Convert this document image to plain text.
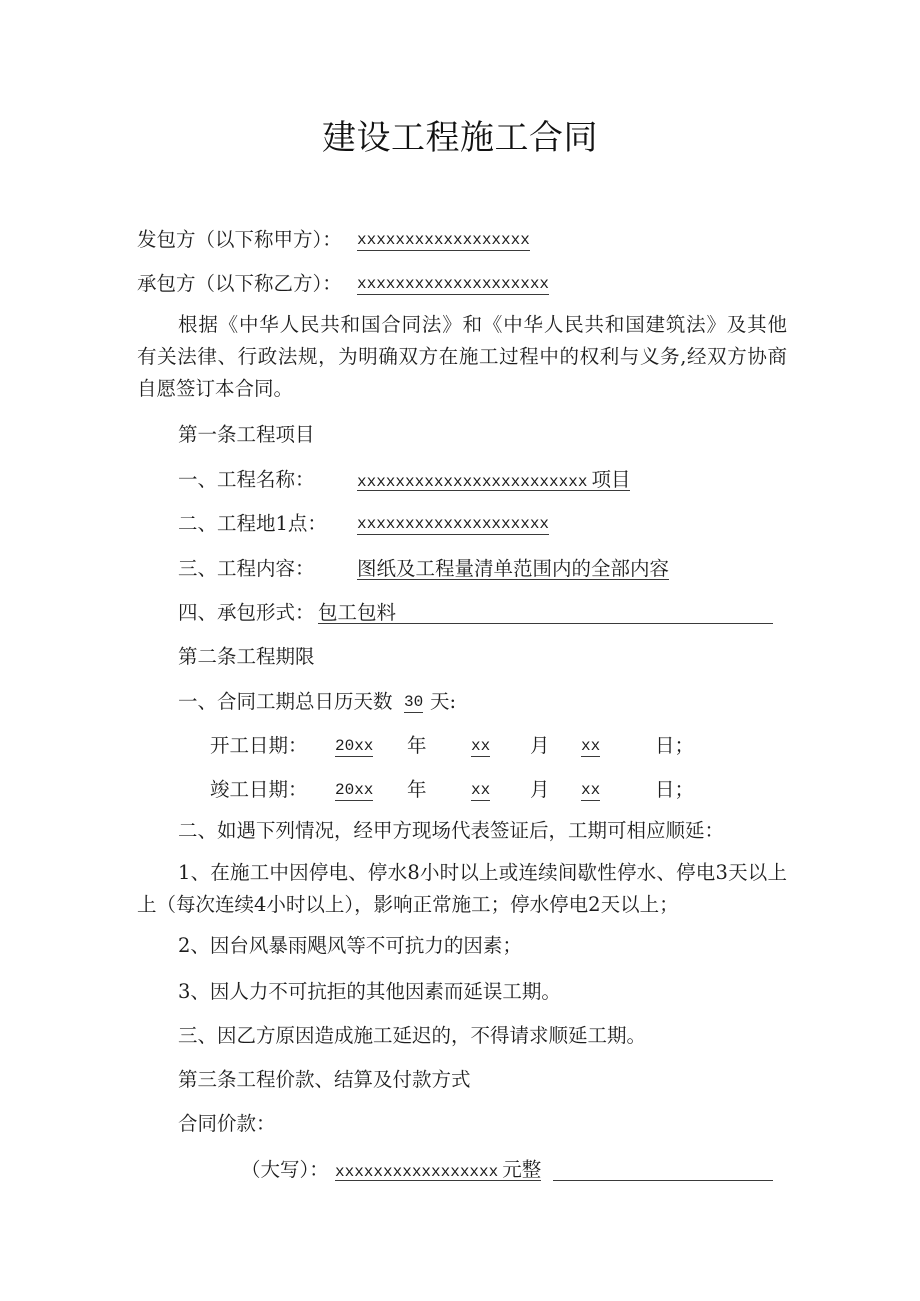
建设工程施工合同
发包方（以下称甲方）： xxxxxxxxxxxxxxxxxx
承包方（以下称乙方）： xxxxxxxxxxxxxxxxxxxx
根据《中华人民共和国合同法》和《中华人民共和国建筑法》及其他
有关法律、行政法规，为明确双方在施工过程中的权利与义务,经双方协商
自愿签订本合同。
第一条工程项目
一、工程名称：	xxxxxxxxxxxxxxxxxxxxxxxx 项目
二、工程地1点： xxxxxxxxxxxxxxxxxxxx
三、工程内容： 图纸及工程量清单范围内的全部内容
四、承包形式： 包工包料
第二条工程期限
一、合同工期总日历天数 30 天:
开工日期： 20xx 年	xx 月 xx	日；
竣工日期： 20xx 年	xx 月 xx	日；
二、如遇下列情况，经甲方现场代表签证后，工期可相应顺延：
1、在施工中因停电、停水8小时以上或连续间歇性停水、停电3天以上
上（每次连续4小时以上），影响正常施工；停水停电2天以上；
2、因台风暴雨飓风等不可抗力的因素；
3、因人力不可抗拒的其他因素而延误工期。
三、因乙方原因造成施工延迟的，不得请求顺延工期。
第三条工程价款、结算及付款方式
合同价款：
（大写）： xxxxxxxxxxxxxxxxx 元整
